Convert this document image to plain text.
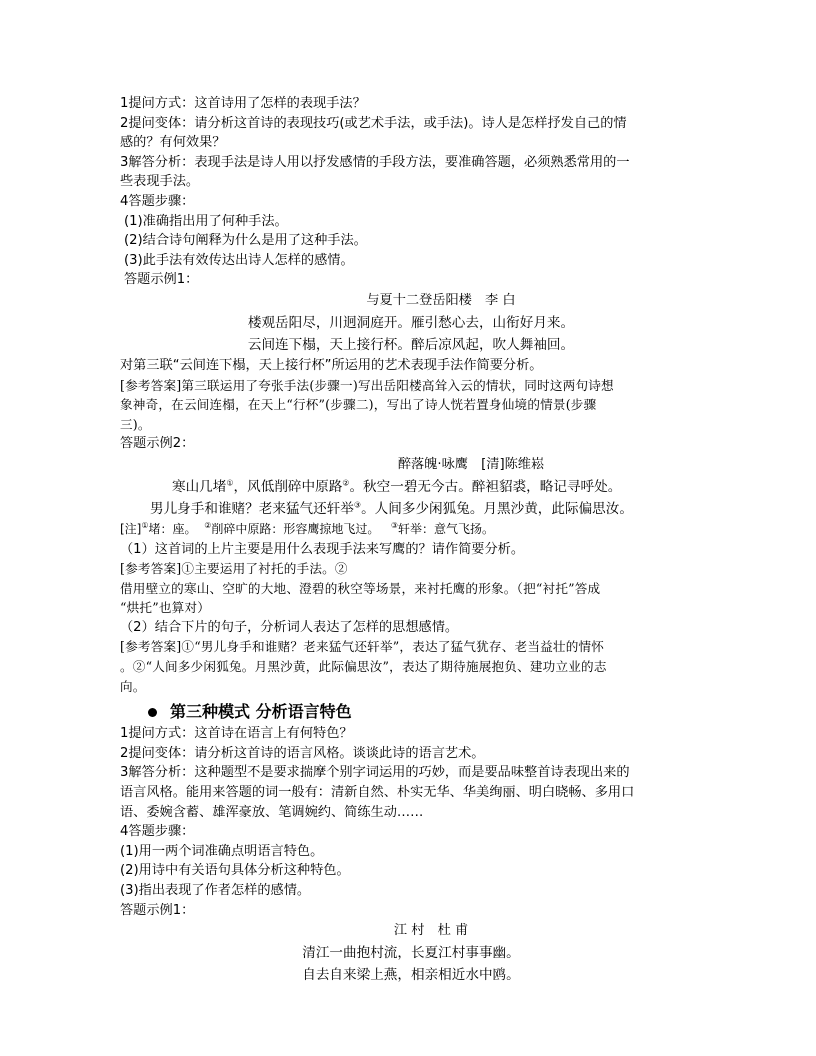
1提问方式：这首诗用了怎样的表现手法？

2提问变体：请分析这首诗的表现技巧(或艺术手法，或手法)。诗人是怎样抒发自己的情

感的？有何效果？

3解答分析：表现手法是诗人用以抒发感情的手段方法，要准确答题，必须熟悉常用的一

些表现手法。

4答题步骤：

(1)准确指出用了何种手法。

(2)结合诗句阐释为什么是用了这种手法。

(3)此手法有效传达出诗人怎样的感情。

答题示例1：

与夏十二登岳阳楼　李 白

楼观岳阳尽，川迥洞庭开。雁引愁心去，山衔好月来。

云间连下榻，天上接行杯。醉后凉风起，吹人舞袖回。

对第三联“云间连下榻，天上接行杯”所运用的艺术表现手法作简要分析。

[参考答案]第三联运用了夸张手法(步骤一)写出岳阳楼高耸入云的情状，同时这两句诗想

象神奇，在云间连榻，在天上“行杯”(步骤二)，写出了诗人恍若置身仙境的情景(步骤

三)。

答题示例2：

醉落魄·咏鹰　[清]陈维崧

寒山几堵①，风低削碎中原路②。秋空一碧无今古。醉袒貂裘，略记寻呼处。

男儿身手和谁赌？老来猛气还轩举③。人间多少闲狐兔。月黑沙黄，此际偏思汝。

[注]①堵：座。 ②削碎中原路：形容鹰掠地飞过。 ③轩举：意气飞扬。

（1）这首词的上片主要是用什么表现手法来写鹰的？请作简要分析。

[参考答案]①主要运用了衬托的手法。②

借用壁立的寒山、空旷的大地、澄碧的秋空等场景，来衬托鹰的形象。（把“衬托”答成

“烘托”也算对）

（2）结合下片的句子，分析词人表达了怎样的思想感情。

[参考答案]①“男儿身手和谁赌？老来猛气还轩举”，表达了猛气犹存、老当益壮的情怀

。②“人间多少闲狐兔。月黑沙黄，此际偏思汝”，表达了期待施展抱负、建功立业的志

向。

第三种模式 分析语言特色

1提问方式：这首诗在语言上有何特色？

2提问变体：请分析这首诗的语言风格。谈谈此诗的语言艺术。

3解答分析：这种题型不是要求揣摩个别字词运用的巧妙，而是要品味整首诗表现出来的

语言风格。能用来答题的词一般有：清新自然、朴实无华、华美绚丽、明白晓畅、多用口

语、委婉含蓄、雄浑豪放、笔调婉约、简练生动……

4答题步骤：

(1)用一两个词准确点明语言特色。

(2)用诗中有关语句具体分析这种特色。

(3)指出表现了作者怎样的感情。

答题示例1：

江 村　杜 甫

清江一曲抱村流，长夏江村事事幽。

自去自来梁上燕，相亲相近水中鸥。
